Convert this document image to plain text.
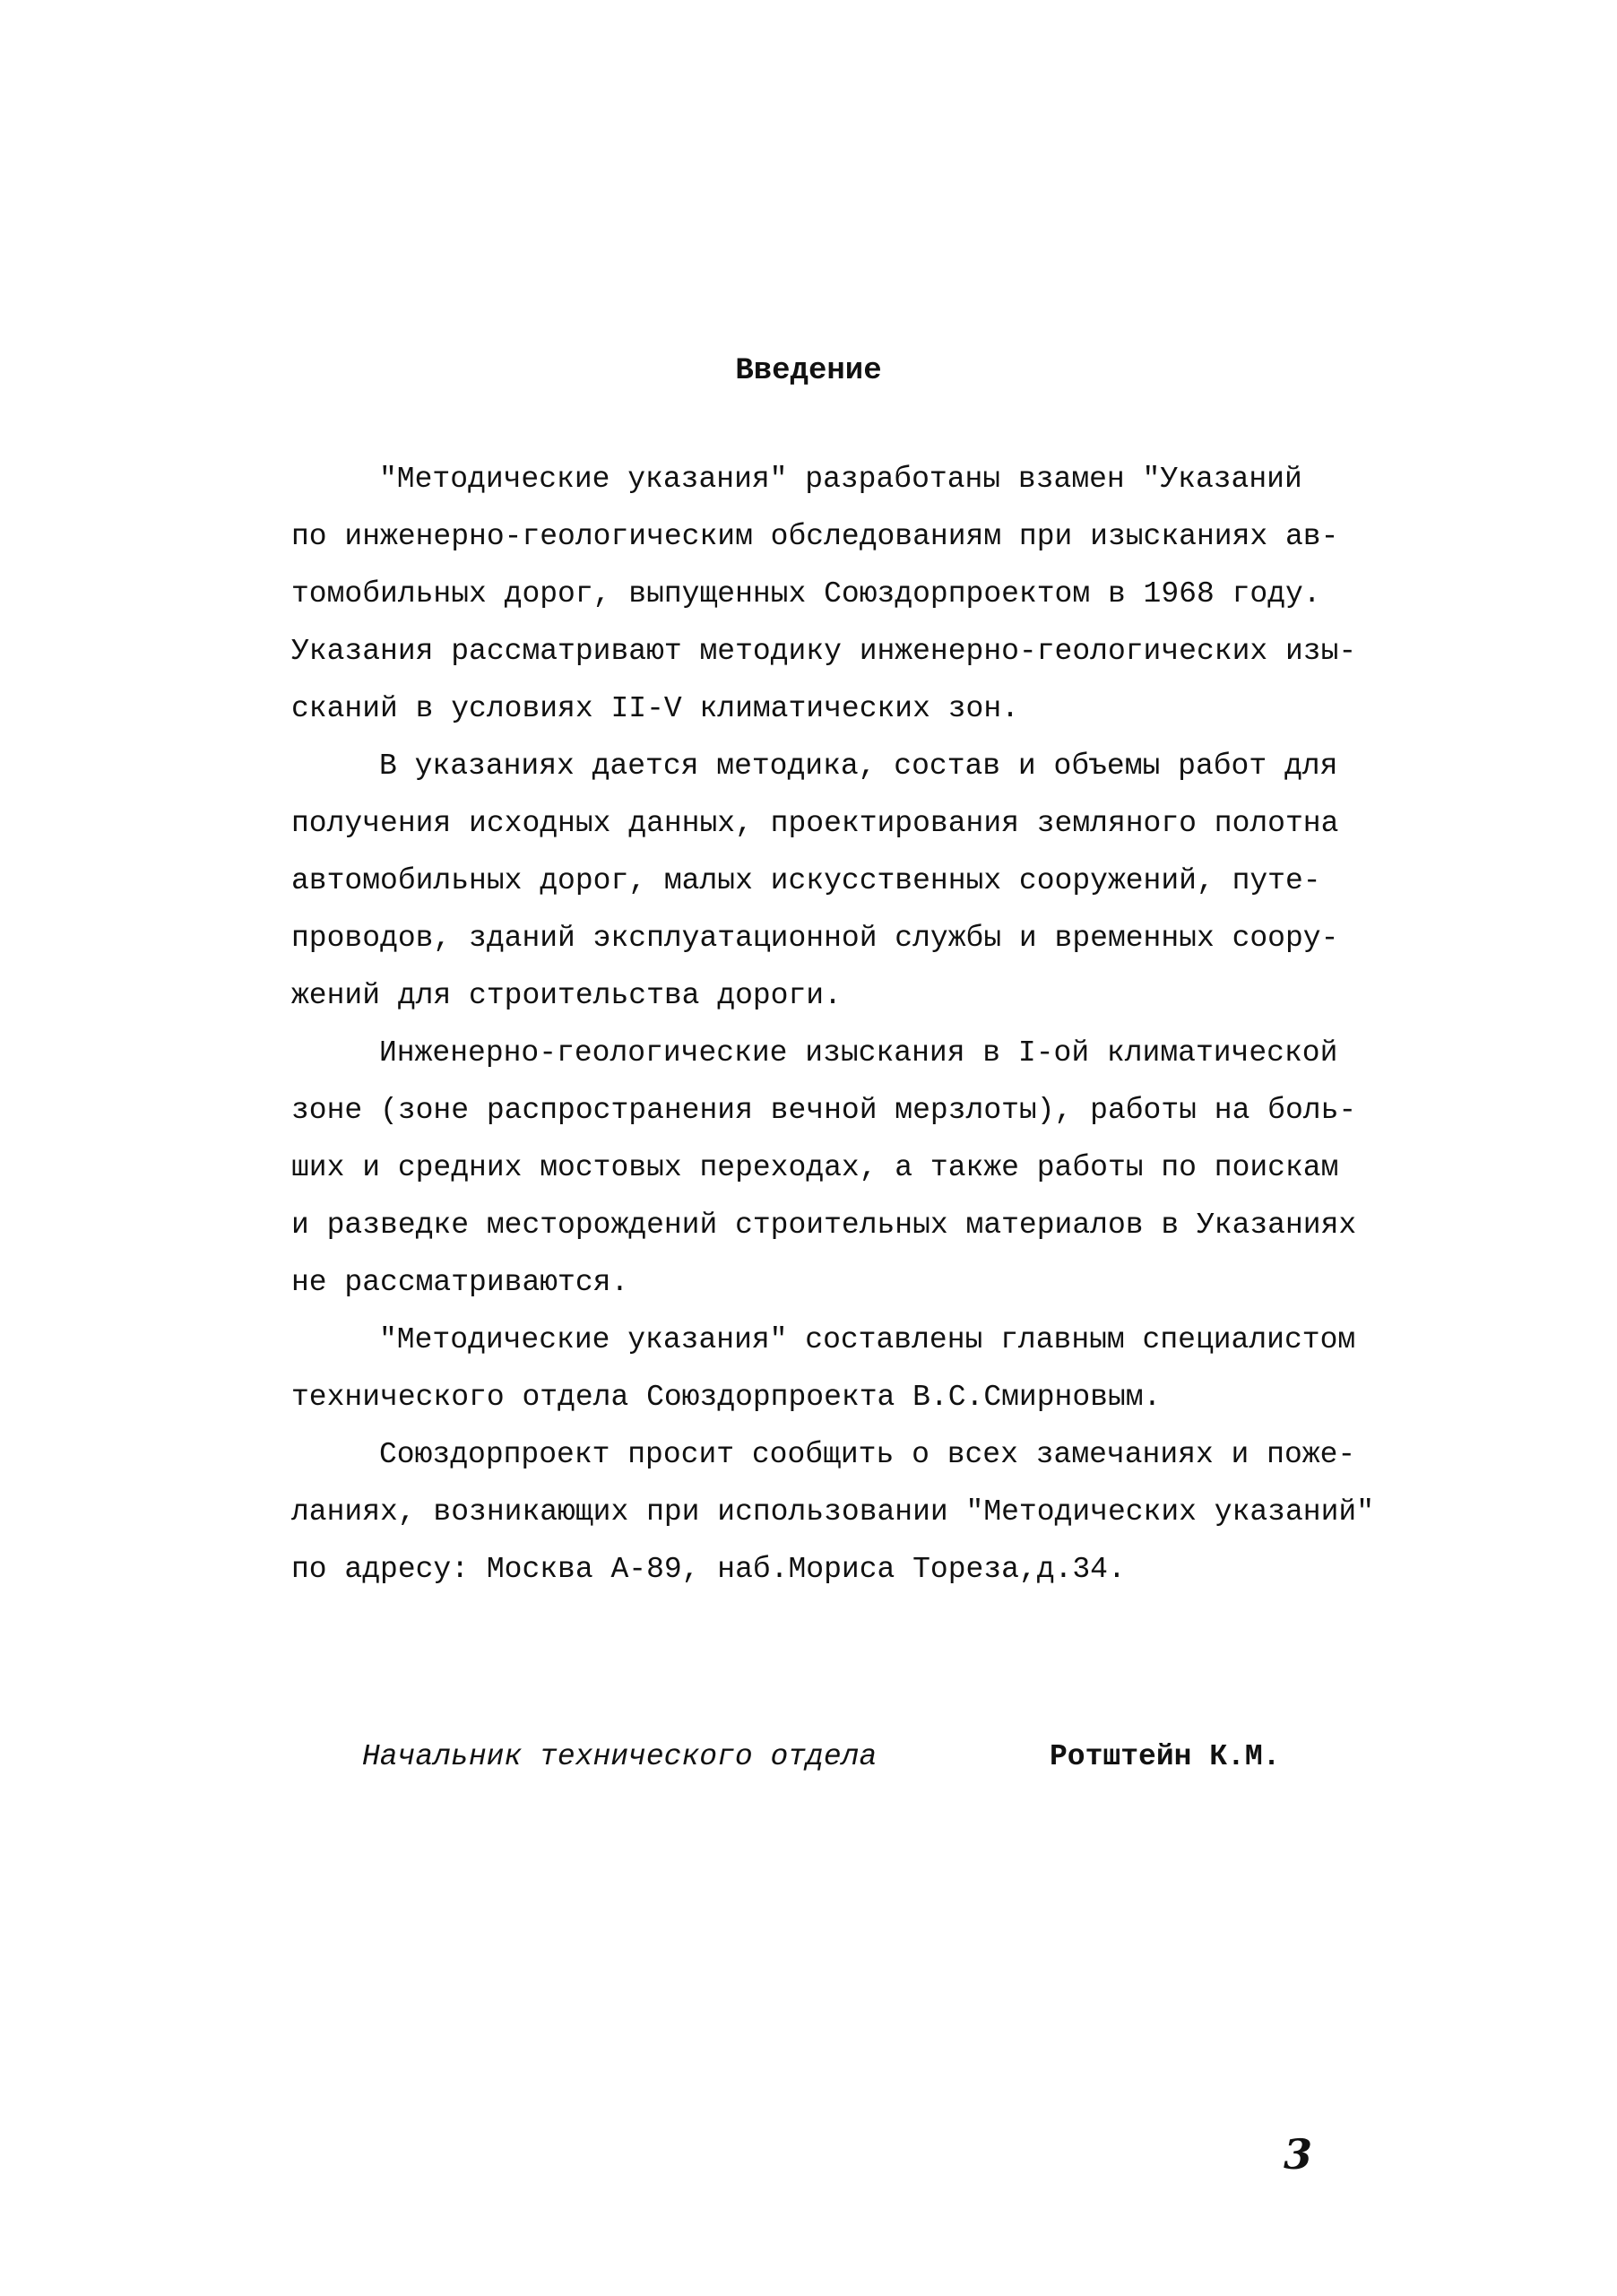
Введение
"Методические указания" разработаны взамен "Указаний
по инженерно-геологическим обследованиям при изысканиях ав-
томобильных дорог, выпущенных Союздорпроектом в 1968 году.
Указания рассматривают методику инженерно-геологических изы-
сканий в условиях II-V климатических зон.
В указаниях дается методика, состав и объемы работ для
получения исходных данных, проектирования земляного полотна
автомобильных дорог, малых искусственных сооружений, путе-
проводов, зданий эксплуатационной службы и временных соору-
жений для строительства дороги.
Инженерно-геологические изыскания в I-ой климатической
зоне (зоне распространения вечной мерзлоты), работы на боль-
ших и средних мостовых переходах, а также работы по поискам
и разведке месторождений строительных материалов в Указаниях
не рассматриваются.
"Методические указания" составлены главным специалистом
технического отдела Союздорпроекта В.С.Смирновым.
Союздорпроект просит сообщить о всех замечаниях и поже-
ланиях, возникающих при использовании "Методических указаний"
по адресу: Москва А-89, наб.Мориса Тореза,д.34.
Начальник технического отдела	Ротштейн К.М.
3
